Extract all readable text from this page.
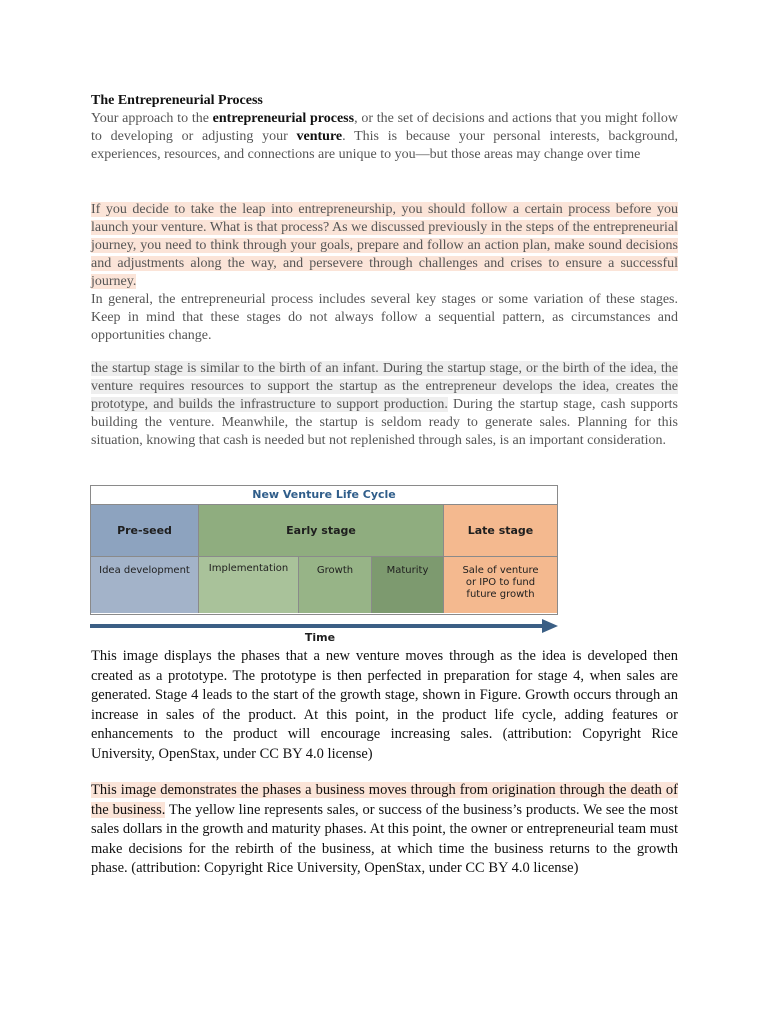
The Entrepreneurial Process

Your approach to the entrepreneurial process, or the set of decisions and actions that you might follow to developing or adjusting your venture. This is because your personal interests, background, experiences, resources, and connections are unique to you—but those areas may change over time

If you decide to take the leap into entrepreneurship, you should follow a certain process before you launch your venture. What is that process? As we discussed previously in the steps of the entrepreneurial journey, you need to think through your goals, prepare and follow an action plan, make sound decisions and adjustments along the way, and persevere through challenges and crises to ensure a successful journey.

In general, the entrepreneurial process includes several key stages or some variation of these stages. Keep in mind that these stages do not always follow a sequential pattern, as circumstances and opportunities change.

the startup stage is similar to the birth of an infant. During the startup stage, or the birth of the idea, the venture requires resources to support the startup as the entrepreneur develops the idea, creates the prototype, and builds the infrastructure to support production. During the startup stage, cash supports building the venture. Meanwhile, the startup is seldom ready to generate sales. Planning for this situation, knowing that cash is needed but not replenished through sales, is an important consideration.

New Venture Life Cycle
Pre-seed	Early stage	Late stage
Idea development	Implementation	Growth	Maturity	Sale of venture or IPO to fund future growth
Time

This image displays the phases that a new venture moves through as the idea is developed then created as a prototype. The prototype is then perfected in preparation for stage 4, when sales are generated. Stage 4 leads to the start of the growth stage, shown in Figure. Growth occurs through an increase in sales of the product. At this point, in the product life cycle, adding features or enhancements to the product will encourage increasing sales. (attribution: Copyright Rice University, OpenStax, under CC BY 4.0 license)

This image demonstrates the phases a business moves through from origination through the death of the business. The yellow line represents sales, or success of the business’s products. We see the most sales dollars in the growth and maturity phases. At this point, the owner or entrepreneurial team must make decisions for the rebirth of the business, at which time the business returns to the growth phase. (attribution: Copyright Rice University, OpenStax, under CC BY 4.0 license)
